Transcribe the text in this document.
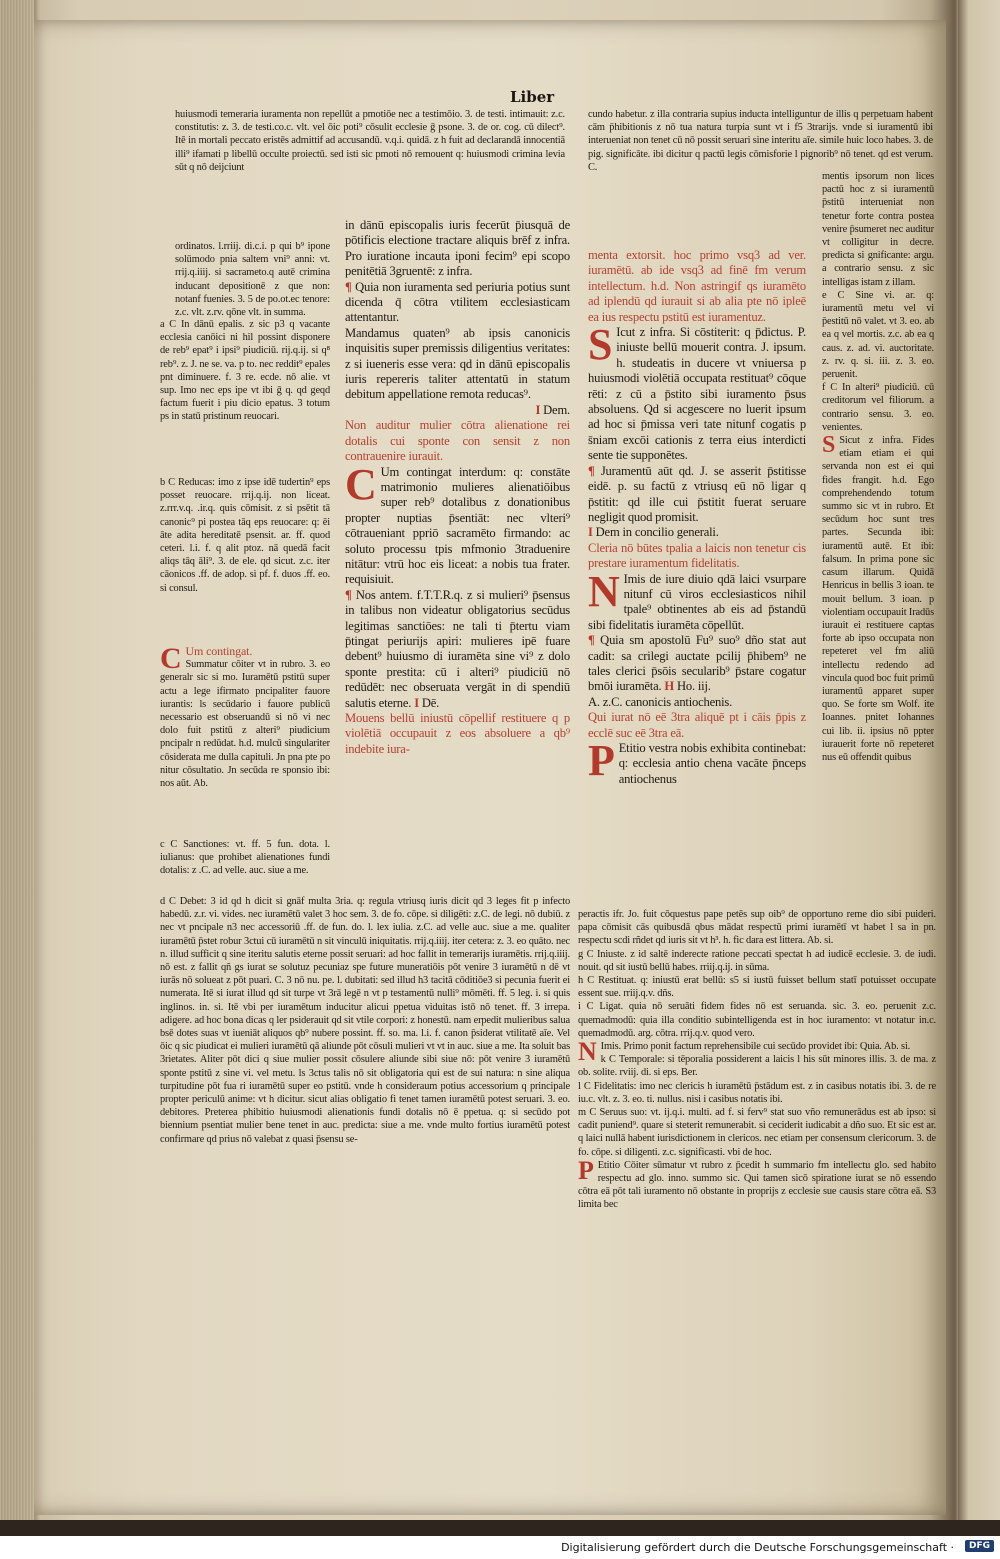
Liber

huiusmodi temeraria iuramenta non repellūt a pmotiōe nec a testimōio. 3. de testi. intimauit: z.c. constitutis: z. 3. de testi.co.c. vlt. vel ōic poti⁹ cōsulit ecclesie ḡ psone. 3. de or. cog. cū dilect⁹. Itē in mortali peccato eristēs admittif ad accusandū. v.q.i. quidā. z h fuit ad declarandā innocentiā illi⁹ ifamati p libellū occulte proiectū. sed isti sic pmoti nō remouent q: huiusmodi crimina levia sūt q nō deijciunt

ordinatos. l.rriij. di.c.i. p qui b⁹ ipone solūmodo pnia saltem vni⁹ anni: vt. rrij.q.iiij. si sacrameto.q autē crimina inducant depositionē z que non: notanf fuenies. 3. 5 de po.ot.ec tenore: z.c. vlt. z.rv. qōne vlt. in summa.

a C In dānū epalis. z sic p3 q vacante ecclesia canōici ni hil possint disponere de reb⁹ epat⁹ i ipsi⁹ piudiciū. rij.q.ij. si q⁸ reb⁹. z. J. ne se. va. p to. nec reddit⁹ epales pnt diminuere. f. 3 re. ecde. nō alie. vt sup. Imo nec eps ipe vt ibi ḡ q. qd geqd factum fuerit i piu dicio epatus. 3 totum ps in statū pristinum reuocari.

b C Reducas: imo z ipse idē tudertin⁹ eps posset reuocare. rrij.q.ij. non liceat. z.rrr.v.q. .ir.q. quis cōmisit. z si psētit tā canonic⁹ pi postea tāq eps reuocare: q: ēi āte adita hereditatē psensit. ar. ff. quod ceteri. l.i. f. q alit ptoz. nā quedā facit aliqs tāq āli⁹. 3. de ele. qd sicut. z.c. iter cāonicos .ff. de adop. si pf. f. duos .ff. eo. si consul.

C Um contingat.

Summatur cōiter vt in rubro. 3. eo generalr sic si mo. Iuramētū pstitū super actu a lege ifirmato pncipaliter fauore iurantis: ls secūdario i fauore publicū necessario est obseruandū si nō vi nec dolo fuit pstitū z alteri⁹ piudicium pncipalr n redūdat. h.d. mulcū singulariter cōsiderata me dulla capituli. Jn pna pte po nitur cōsultatio. Jn secūda re sponsio ibi: nos aūt. Ab.

c C Sanctiones: vt. ff. 5 fun. dota. l. iulianus: que prohibet alienationes fundi dotalis: z .C. ad velle. auc. siue a me.

d C Debet: 3 id qd h dicit si gnāf multa 3ria. q: regula vtriusq iuris dicit qd 3 leges fit p infecto habedū. z.r. vi. vides. nec iuramētū valet 3 hoc sem. 3. de fo. cōpe. si diligēti: z.C. de legi. nō dubiū. z nec vt pncipale n3 nec accessoriū .ff. de fun. do. l. lex iulia. z.C. ad velle auc. siue a me. qualiter iuramētū p̄stet robur 3ctui cū iuramētū n sit vinculū iniquitatis. rrij.q.iiij. iter cetera: z. 3. eo quāto. nec n. illud sufficit q sine iteritu salutis eterne possit seruari: ad hoc fallit in temerarijs iuramētis. rrij.q.iiij. nō est. z fallit qñ gs iurat se solutuz pecuniaz spe future muneratiōis pōt venire 3 iuramētū n dē vt iurās nō solueat z pōt puari. C. 3 nō nu. pe. l. dubitati: sed illud h3 tacitā cōditiōe3 si pecunia fuerit ei numerata. Itē si iurat illud qd sit turpe vt 3rā legē n vt p testamentū nulli⁹ mōmēti. ff. 5 leg. i. si quis inglinos. in. si. Itē vbi per iuramētum inducitur alicui ppetua viduitas istō nō tenet. ff. 3 irrepa. adigere. ad hoc bona dicas q ler psiderauit qd sit vtile corpori: z honestū. nam erpedit mulieribus salua bsē dotes suas vt iueniāt aliquos qb⁹ nubere possint. ff. so. ma. l.i. f. canon p̄siderat vtilitatē aīe. Vel ōic q sic piudicat ei mulieri iuramētū qā aliunde pōt cōsuli mulieri vt vt in auc. siue a me. Ita soluit bas 3rietates. Aliter pōt dici q siue mulier possit cōsulere aliunde sibi siue nō: pōt venire 3 iuramētū sponte pstitū z sine vi. vel metu. ls 3ctus talis nō sit obligatoria qui est de sui natura: n sine aliqua turpitudine pōt fua ri iuramētū super eo pstitū. vnde h consideraum potius accessorium q principale propter periculū anime: vt h dicitur. sicut alias obligatio fi tenet tamen iuramētū potest seruari. 3. eo. debitores. Preterea phibitio huiusmodi alienationis fundi dotalis nō ē ppetua. q: si secūdo pot biennium psentiat mulier bene tenet in auc. predicta: siue a me. vnde multo fortius iuramētū potest confirmare qd prius nō valebat z quasi p̄sensu se-

in dānū episcopalis iuris fecerūt p̄iusquā de pōtificis electione tractare aliquis brēf z infra. Pro iuratione incauta iponi fecim⁹ epi scopo penitētiā 3gruentē: z infra.

¶ Quia non iuramenta sed periuria potius sunt dicenda q̄ cōtra vtilitem ecclesiasticam attentantur.

Mandamus quaten⁹ ab ipsis canonicis inquisitis super premissis diligentius veritates: z si iueneris esse vera: qd in dānū episcopalis iuris repereris taliter attentatū in statum debitum appellatione remota reducas⁹.

I Dem.

Non auditur mulier cōtra alienatione rei dotalis cui sponte con sensit z non contrauenire iurauit.

C Um contingat interdum: q: constāte matrimonio mulieres alienatiōibus super reb⁹ dotalibus z donationibus propter nuptias p̄sentiāt: nec vlteri⁹ cōtraueniant ppriō sacramēto firmando: ac soluto processu tpis mfmonio 3traduenire nitātur: vtrū hoc eis liceat: a nobis tua frater. requisiuit.

¶ Nos antem. f.T.T.R.q. z si mulieri⁹ p̄sensus in talibus non videatur obligatorius secūdus legitimas sanctiōes: ne tali ti p̄tertu viam p̄tingat periurijs apiri: mulieres ipē fuare debent⁹ huiusmo di iuramēta sine vi⁹ z dolo sponte prestita: cū i alteri⁹ piudiciū nō redūdēt: nec obseruata vergāt in di spendiū salutis eterne. I Dē.

Mouens bellū iniustū cōpellif restituere q p violētiā occupauit z eos absoluere a qb⁹ indebite iura-

cundo habetur. z illa contraria supius inducta intelliguntur de illis q perpetuam habent cām p̄hibitionis z nō tua natura turpia sunt vt i f5 3trarijs. vnde si iuramentū ibi interueniat non tenet cū nō possit seruari sine interitu aīe. simile huic loco habes. 3. de pig. significāte. ibi dicitur q pactū legis cōmisforie l pignorib⁹ nō tenet. qd est verum. C.

menta extorsit. hoc primo vsq3 ad ver. iuramētū. ab ide vsq3 ad finē fm verum intellectum. h.d. Non astringif qs iuramēto ad iplendū qd iurauit si ab alia pte nō ipleē ea ius respectu pstitū est iuramentuz.

S Icut z infra. Si cōstiterit: q p̄dictus. P. iniuste bellū mouerit contra. J. ipsum. h. studeatis in ducere vt vniuersa p huiusmodi violētiā occupata restituat⁹ cōque rēti: z cū a p̄stito sibi iuramento p̄sus absoluens. Qd si acgescere no luerit ipsum ad hoc si p̄missa veri tate nitunf cogatis p s̄niam excōi cationis z terra eius interdicti sente tie supponētes.

¶ Juramentū aūt qd. J. se asserit p̄stitisse eidē. p. su factū z vtriusq eū nō ligar q p̄stitit: qd ille cui p̄stitit fuerat seruare negligit quod promisit.

I Dem in concilio generali.

Cleria nō būtes tpalia a laicis non tenetur cis prestare iuramentum fidelitatis.

N Imis de iure diuio qdā laici vsurpare nitunf cū viros ecclesiasticos nihil tpale⁹ obtinentes ab eis ad p̄standū sibi fidelitatis iuramēta cōpellūt.

¶ Quia sm apostolū Fu⁹ suo⁹ dño stat aut cadit: sa crilegi auctate pcilij p̄hibem⁹ ne tales clerici p̄sōis secularib⁹ p̄stare cogatur bmōi iuramēta. H Ho. iij.

A. z.C. canonicis antiochenis.

Qui iurat nō eē 3tra aliquē pt i cāis p̄pis z ecclē suc eē 3tra eā.

P Etitio vestra nobis exhibita continebat: q: ecclesia antio chena vacāte p̄nceps antiochenus

peractis ifr. Jo. fuit cōquestus pape petēs sup oib⁹ de opportuno reme dio sibi puideri. papa cōmisit cās quibusdā qbus mādat respectū primi iuramētī vt habet l sa in pn. respectu scdi rñdet qd iuris sit vt h³. h. fic dara est littera. Ab. si.

g C Iniuste. z id saltē inderecte ratione peccati spectat h ad iudicē ecclesie. 3. de iudi. nouit. qd sit iustū bellū habes. rriij.q.ij. in sūma.

h C Restituat. q: iniustū erat bellū: s5 si iustū fuisset bellum statī potuisset occupate essent sue. rriij.q.v. dñs.

i C Ligat. quia nō seruāti fidem fides nō est seruanda. sic. 3. eo. peruenit z.c. quemadmodū: quia illa conditio subintelligenda est in hoc iuramento: vt notatur in.c. quemadmodū. arg. cōtra. rrij.q.v. quod vero.

N Imis. Primo ponit factum reprehensibile cui secūdo providet ibi: Quia. Ab. si.

k C Temporale: si tēporalia possiderent a laicis l his sūt minores illis. 3. de ma. z ob. solite. rviij. di. si eps. Ber.

l C Fidelitatis: imo nec clericis h iuramētū p̄stādum est. z in casibus notatis ibi. 3. de re iu.c. vlt. z. 3. eo. ti. nullus. nisi i casibus notatis ibi.

m C Seruus suo: vt. ij.q.i. multi. ad f. si ferv⁹ stat suo vño remunerādus est ab ipso: si cadit puniend⁹. quare si steterit remunerabit. si ceciderit iudicabit a dño suo. Et sic est ar. q laici nullā habent iurisdictionem in clericos. nec etiam per consensum clericorum. 3. de fo. cōpe. si diligenti. z.c. significasti. vbi de hoc.

P Etitio Cōiter sūmatur vt rubro z p̄cedit h summario fm intellectu glo. sed habito respectu ad glo. inno. summo sic. Qui tamen sicō spiratione iurat se nō essendo cōtra eā pōt tali iuramento nō obstante in proprijs z ecclesie sue causis stare cōtra eā. S3 limita bec

mentis ipsorum non lices pactū hoc z si iuramentū p̄stitū interueniat non tenetur forte contra postea venire p̄sumeret nec auditur vt colligitur in decre. predicta si gnificante: argu. a contrario sensu. z sic intelligas istam z illam.

e C Sine vi. ar. q: iuramentū metu vel vi p̄estitū nō valet. vt 3. eo. ab ea q vel mortis. z.c. ab ea q caus. z. ad. vi. auctoritate. z. rv. q. si. iii. z. 3. eo. peruenit.

f C In alteri⁹ piudiciū. cū creditorum vel filiorum. a contrario sensu. 3. eo. venientes.

S Sicut z infra. Fides etiam etiam ei qui servanda non est ei qui fides frangit. h.d. Ego comprehendendo totum summo sic vt in rubro. Et secūdum hoc sunt tres partes. Secunda ibi: iuramentū autē. Et ibi: falsum. In prima pone sic casum illarum. Quidā Henricus in bellis 3 ioan. te mouit bellum. 3 ioan. p violentiam occupauit Iradūs iurauit ei restituere captas forte ab ipso occupata non repeteret vel fm aliū intellectu redendo ad vincula quod boc fuit primū iuramentū apparet super quo. Se forte sm Wolf. ite Ioannes. pnitet Iohannes cui lib. ii. ipsius nō ppter iurauerit forte nō repeteret nus eū offendit quibus

Digitalisierung gefördert durch die Deutsche Forschungsgemeinschaft ·	DFG
